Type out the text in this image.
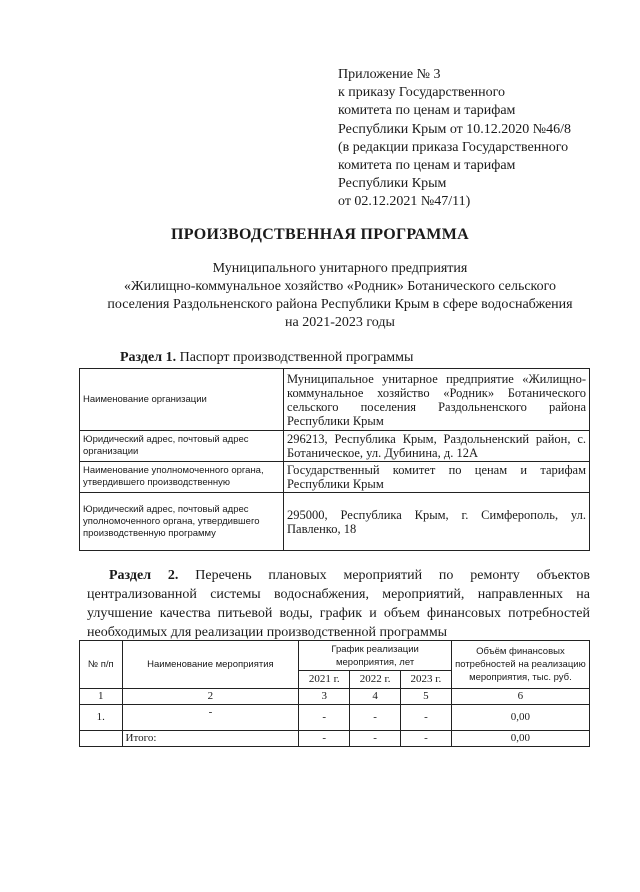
Приложение № 3
к приказу Государственного
комитета по ценам и тарифам
Республики Крым от 10.12.2020 №46/8
(в редакции приказа Государственного
комитета по ценам и тарифам
Республики Крым
от 02.12.2021 №47/11)
ПРОИЗВОДСТВЕННАЯ ПРОГРАММА
Муниципального унитарного предприятия
«Жилищно-коммунальное хозяйство «Родник» Ботанического сельского
поселения Раздольненского района Республики Крым в сфере водоснабжения
на 2021-2023 годы
Раздел 1. Паспорт производственной программы
Наименование организации	Муниципальное унитарное предприятие «Жилищно-коммунальное хозяйство «Родник» Ботанического сельского поселения Раздольненского района Республики Крым
Юридический адрес, почтовый адрес организации	296213, Республика Крым, Раздольненский район, с. Ботаническое, ул. Дубинина, д. 12А
Наименование уполномоченного органа, утвердившего производственную	Государственный комитет по ценам и тарифам Республики Крым
Юридический адрес, почтовый адрес уполномоченного органа, утвердившего производственную программу	295000, Республика Крым, г. Симферополь, ул. Павленко, 18
Раздел 2. Перечень плановых мероприятий по ремонту объектов централизованной системы водоснабжения, мероприятий, направленных на улучшение качества питьевой воды, график и объем финансовых потребностей необходимых для реализации производственной программы
№ п/п	Наименование мероприятия	График реализации мероприятия, лет			Объём финансовых потребностей на реализацию мероприятия, тыс. руб.
		2021 г.	2022 г.	2023 г.	
1	2	3	4	5	6
1.	-	-	-	-	0,00
	Итого:	-	-	-	0,00
